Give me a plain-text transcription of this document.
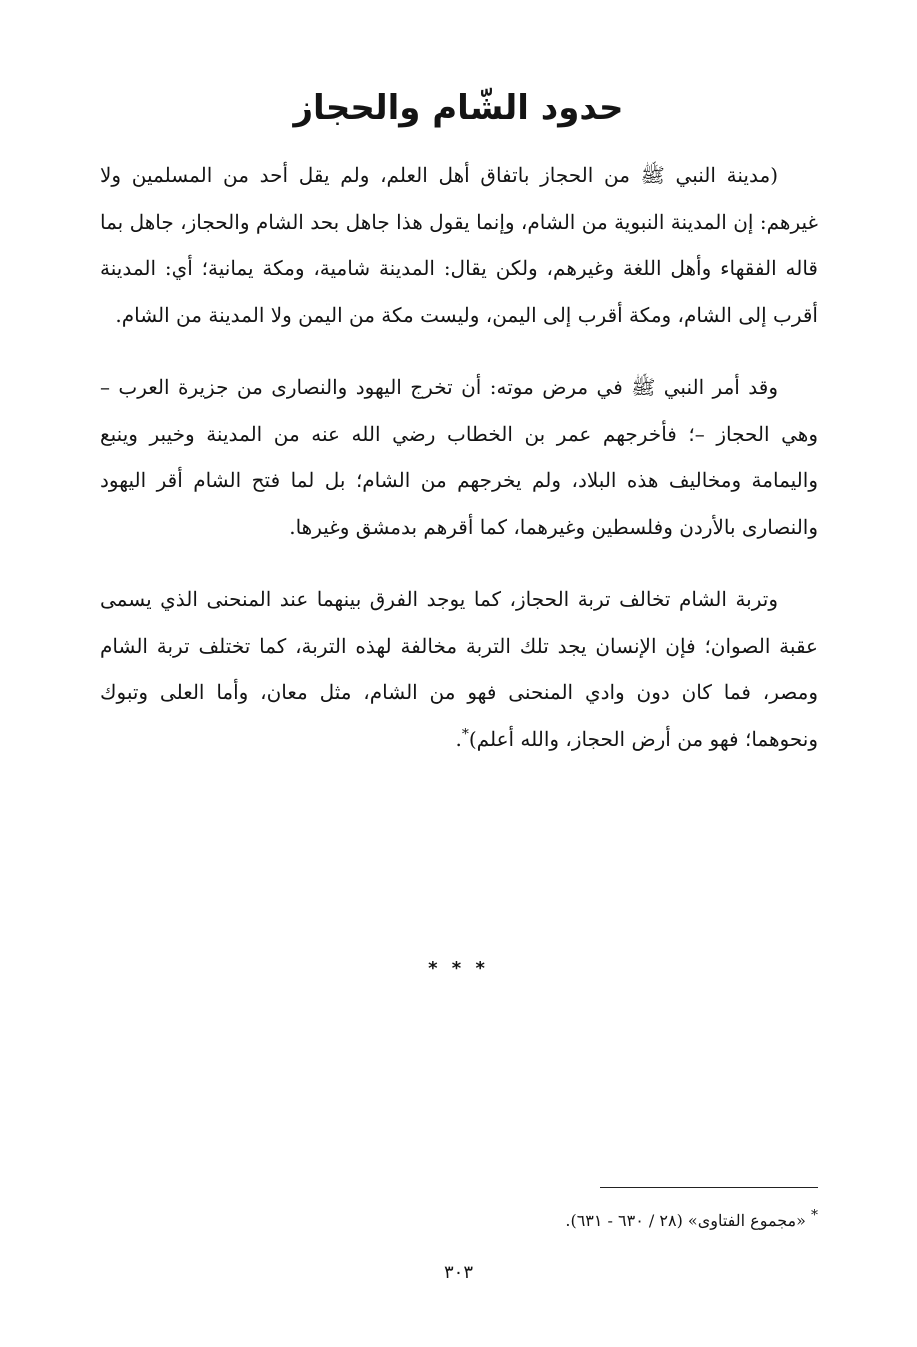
حدود الشّام والحجاز

(مدينة النبي ﷺ من الحجاز باتفاق أهل العلم، ولم يقل أحد من المسلمين ولا غيرهم: إن المدينة النبوية من الشام، وإنما يقول هذا جاهل بحد الشام والحجاز، جاهل بما قاله الفقهاء وأهل اللغة وغيرهم، ولكن يقال: المدينة شامية، ومكة يمانية؛ أي: المدينة أقرب إلى الشام، ومكة أقرب إلى اليمن، وليست مكة من اليمن ولا المدينة من الشام.

وقد أمر النبي ﷺ في مرض موته: أن تخرج اليهود والنصارى من جزيرة العرب – وهي الحجاز –؛ فأخرجهم عمر بن الخطاب رضي الله عنه من المدينة وخيبر وينبع واليمامة ومخاليف هذه البلاد، ولم يخرجهم من الشام؛ بل لما فتح الشام أقر اليهود والنصارى بالأردن وفلسطين وغيرهما، كما أقرهم بدمشق وغيرها.

وتربة الشام تخالف تربة الحجاز، كما يوجد الفرق بينهما عند المنحنى الذي يسمى عقبة الصوان؛ فإن الإنسان يجد تلك التربة مخالفة لهذه التربة، كما تختلف تربة الشام ومصر، فما كان دون وادي المنحنى فهو من الشام، مثل معان، وأما العلى وتبوك ونحوهما؛ فهو من أرض الحجاز، والله أعلم)*.

* * *
* «مجموع الفتاوى» (٢٨ / ٦٣٠ - ٦٣١).
٣٠٣
